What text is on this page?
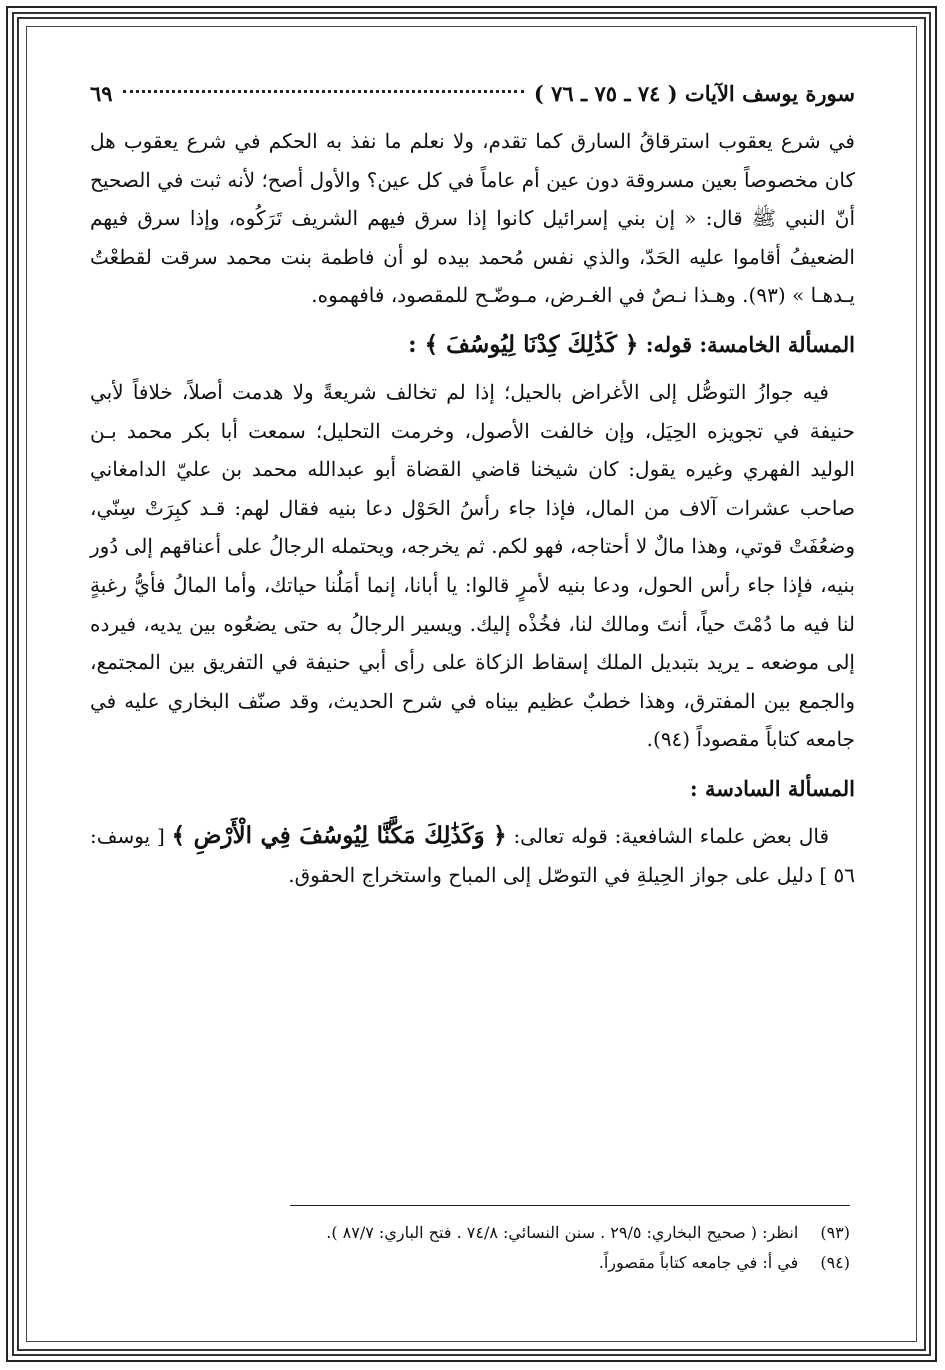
سورة يوسف الآيات ( ٧٤ ـ ٧٥ ـ ٧٦ )
٦٩

في شرع يعقوب استرقاقُ السارق كما تقدم، ولا نعلم ما نفذ به الحكم في شرع يعقوب هل كان مخصوصاً بعين مسروقة دون عين أم عاماً في كل عين؟ والأول أصح؛ لأنه ثبت في الصحيح أنّ النبي ﷺ قال: « إن بني إسرائيل كانوا إذا سرق فيهم الشريف تَرَكُوه، وإذا سرق فيهم الضعيفُ أقاموا عليه الحَدّ، والذي نفس مُحمد بيده لو أن فاطمة بنت محمد سرقت لقطعْتُ يـدهـا » (٩٣). وهـذا نـصٌ في الغـرض، مـوضّـح للمقصود، فافهموه.

المسألة الخامسة: قوله: ﴿ كَذَٰلِكَ كِدْنَا لِيُوسُفَ ﴾ :

فيه جوازُ التوصُّل إلى الأغراض بالحيل؛ إذا لم تخالف شريعةً ولا هدمت أصلاً، خلافاً لأبي حنيفة في تجويزه الحِيَل، وإن خالفت الأصول، وخرمت التحليل؛ سمعت أبا بكر محمد بـن الوليد الفهري وغيره يقول: كان شيخنا قاضي القضاة أبو عبدالله محمد بن عليّ الدامغاني صاحب عشرات آلاف من المال، فإذا جاء رأسُ الحَوْل دعا بنيه فقال لهم: قـد كبِرَتْ سِنّي، وضعُفَتْ قوتي، وهذا مالٌ لا أحتاجه، فهو لكم. ثم يخرجه، ويحتمله الرجالُ على أعناقهم إلى دُور بنيه، فإذا جاء رأس الحول، ودعا بنيه لأمرٍ قالوا: يا أبانا، إنما أمَلُنا حياتك، وأما المالُ فأيُّ رغبةٍ لنا فيه ما دُمْتَ حياً، أنتَ ومالك لنا، فخُذْه إليك. ويسير الرجالُ به حتى يضعُوه بين يديه، فيرده إلى موضعه ـ يريد بتبديل الملك إسقاط الزكاة على رأى أبي حنيفة في التفريق بين المجتمع، والجمع بين المفترق، وهذا خطبٌ عظيم بيناه في شرح الحديث، وقد صنّف البخاري عليه في جامعه كتاباً مقصوداً (٩٤).

المسألة السادسة :

قال بعض علماء الشافعية: قوله تعالى: ﴿ وَكَذَٰلِكَ مَكَّنَّا لِيُوسُفَ فِي الْأَرْضِ ﴾ [ يوسف: ٥٦ ] دليل على جواز الحِيلةِ في التوصّل إلى المباح واستخراج الحقوق.

(٩٣)
انظر: ( صحيح البخاري: ٢٩/٥ . سنن النسائي: ٧٤/٨ . فتح الباري: ٨٧/٧ ).
(٩٤)
في أ: في جامعه كتاباً مقصوراً.
